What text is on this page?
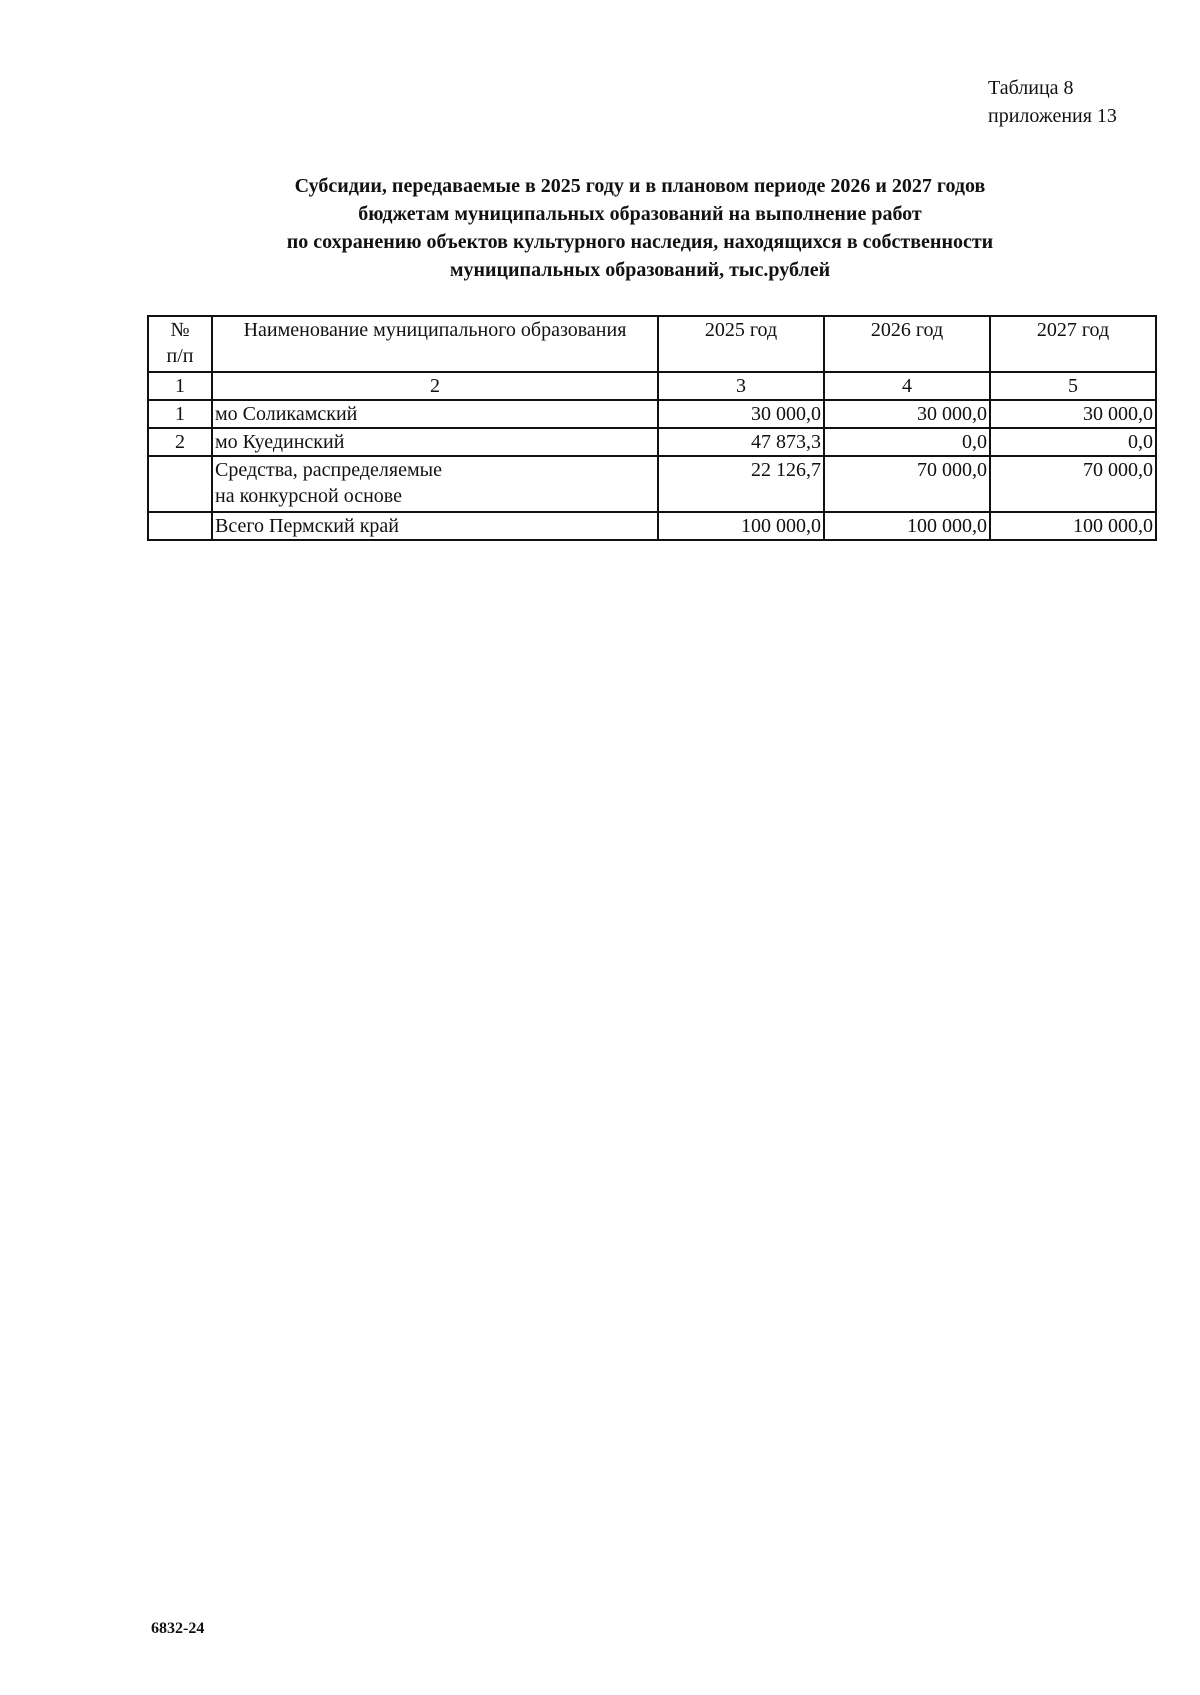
Таблица 8
приложения 13
Субсидии, передаваемые в 2025 году и в плановом периоде 2026 и 2027 годов
бюджетам муниципальных образований на выполнение работ
по сохранению объектов культурного наследия, находящихся в собственности
муниципальных образований, тыс.рублей
№
п/п	Наименование муниципального образования	2025 год	2026 год	2027 год
1	2	3	4	5
1	мо Соликамский	30 000,0	30 000,0	30 000,0
2	мо Куединский	47 873,3	0,0	0,0

	Средства, распределяемые
на конкурсной основе	22 126,7	70 000,0	70 000,0
	Всего Пермский край	100 000,0	100 000,0	100 000,0
6832-24
